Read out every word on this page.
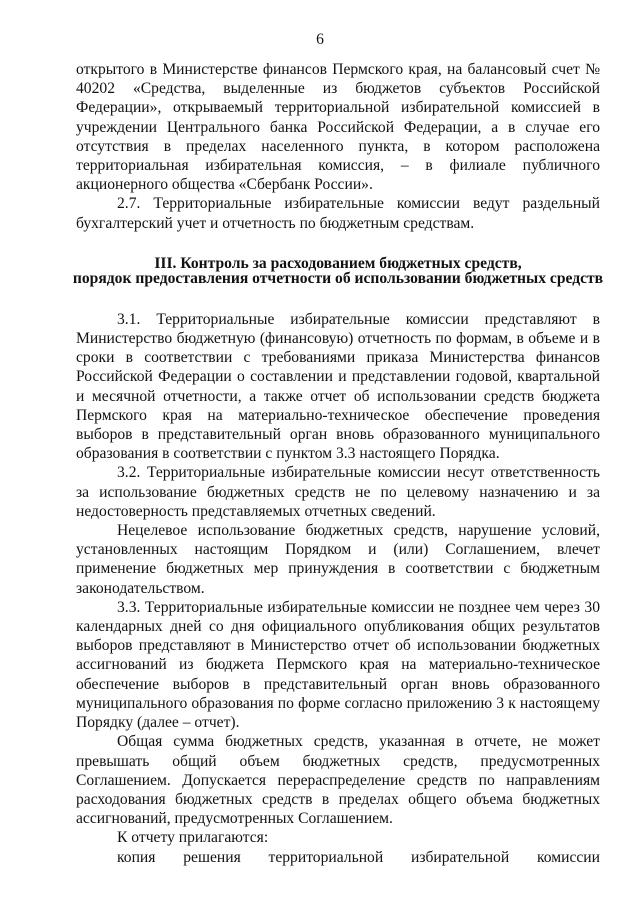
6

открытого в Министерстве финансов Пермского края, на балансовый счет № 40202 «Средства, выделенные из бюджетов субъектов Российской Федерации», открываемый территориальной избирательной комиссией в учреждении Центрального банка Российской Федерации, а в случае его отсутствия в пределах населенного пункта, в котором расположена территориальная избирательная комиссия, – в филиале публичного акционерного общества «Сбербанк России».

2.7. Территориальные избирательные комиссии ведут раздельный бухгалтерский учет и отчетность по бюджетным средствам.

III. Контроль за расходованием бюджетных средств,
порядок предоставления отчетности об использовании бюджетных средств

3.1. Территориальные избирательные комиссии представляют в Министерство бюджетную (финансовую) отчетность по формам, в объеме и в сроки в соответствии с требованиями приказа Министерства финансов Российской Федерации о составлении и представлении годовой, квартальной и месячной отчетности, а также отчет об использовании средств бюджета Пермского края на материально-техническое обеспечение проведения выборов в представительный орган вновь образованного муниципального образования в соответствии с пунктом 3.3 настоящего Порядка.

3.2. Территориальные избирательные комиссии несут ответственность за использование бюджетных средств не по целевому назначению и за недостоверность представляемых отчетных сведений.

Нецелевое использование бюджетных средств, нарушение условий, установленных настоящим Порядком и (или) Соглашением, влечет применение бюджетных мер принуждения в соответствии с бюджетным законодательством.

3.3. Территориальные избирательные комиссии не позднее чем через 30 календарных дней со дня официального опубликования общих результатов выборов представляют в Министерство отчет об использовании бюджетных ассигнований из бюджета Пермского края на материально-техническое обеспечение выборов в представительный орган вновь образованного муниципального образования по форме согласно приложению 3 к настоящему Порядку (далее – отчет).

Общая сумма бюджетных средств, указанная в отчете, не может превышать общий объем бюджетных средств, предусмотренных Соглашением. Допускается перераспределение средств по направлениям расходования бюджетных средств в пределах общего объема бюджетных ассигнований, предусмотренных Соглашением.

К отчету прилагаются:

копия решения территориальной избирательной комиссии
